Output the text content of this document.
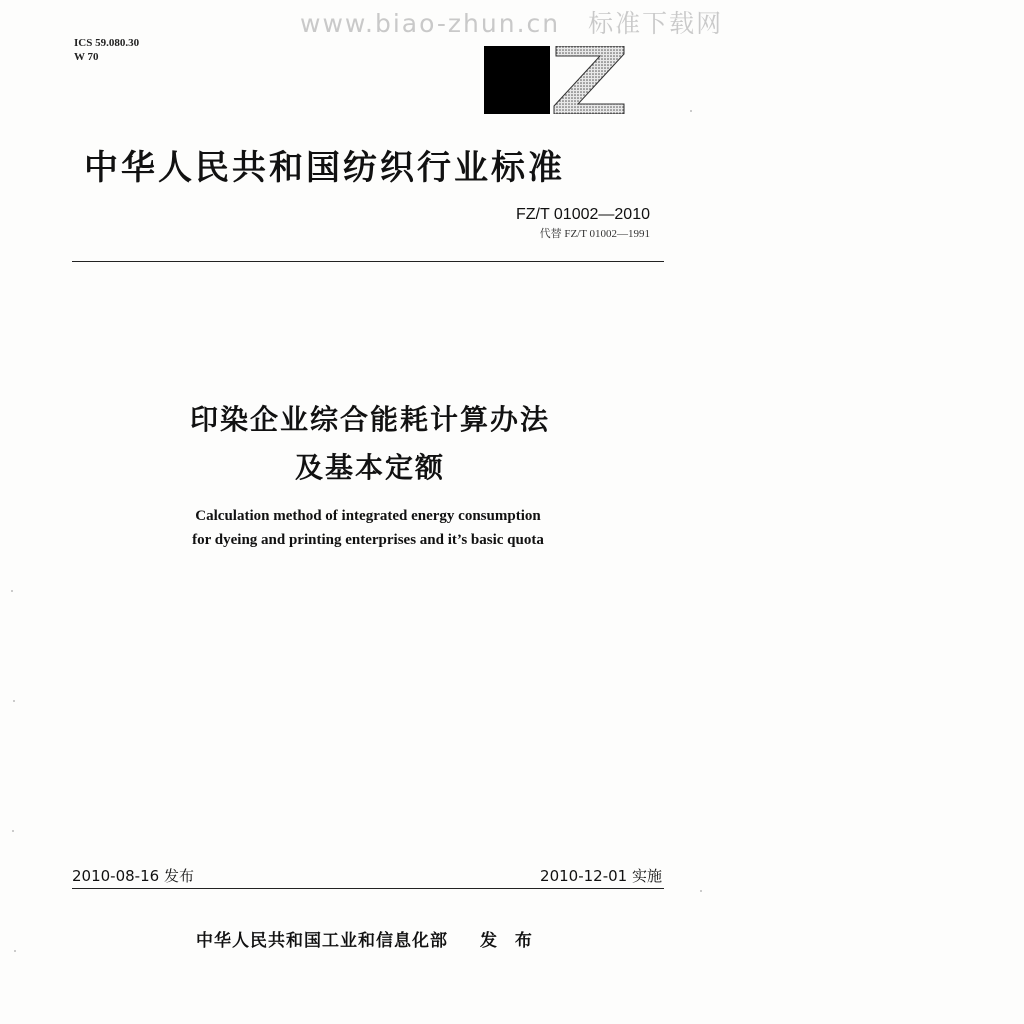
www.biao-zhun.cn 标准下载网
ICS 59.080.30
W 70
中华人民共和国纺织行业标准
FZ/T 01002—2010
代替 FZ/T 01002—1991
印染企业综合能耗计算办法
及基本定额
Calculation method of integrated energy consumption
for dyeing and printing enterprises and it’s basic quota
2010-08-16 发布	2010-12-01 实施
中华人民共和国工业和信息化部 发 布
